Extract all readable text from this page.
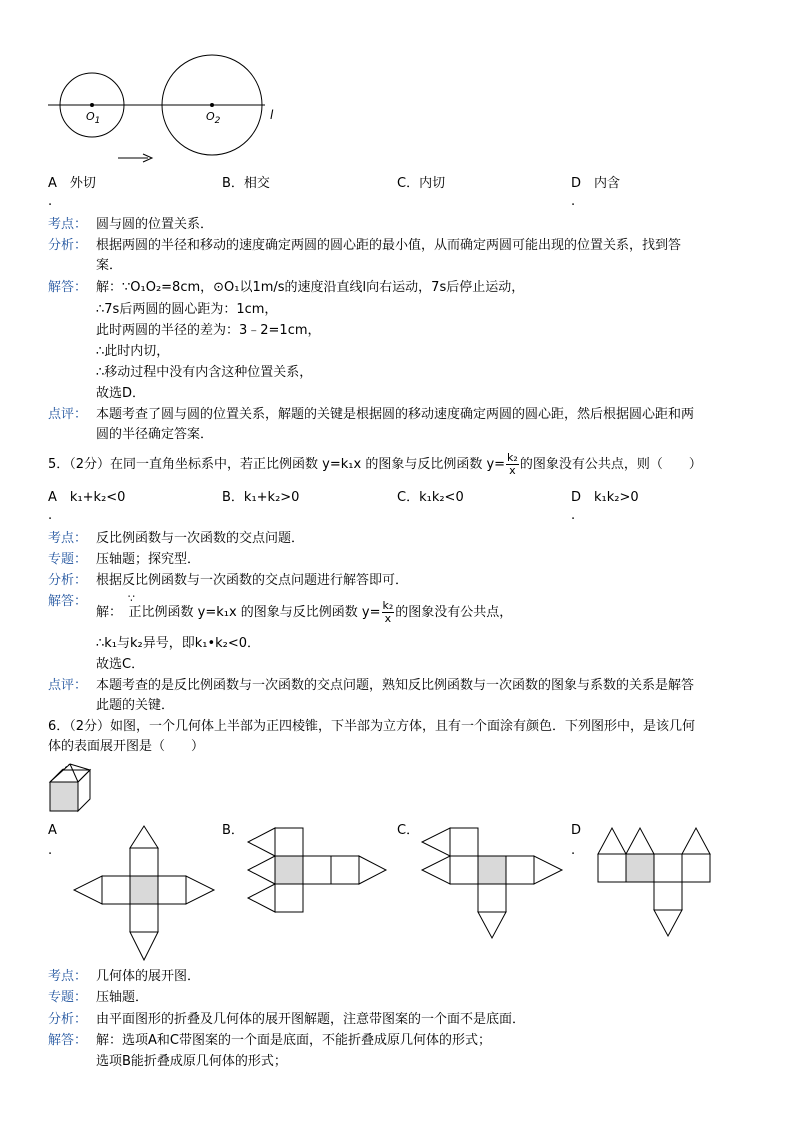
$O_1$	$O_2$	l
A　 外切
.
B．相交	C．内切	D　 内含
.
考点： 圆与圆的位置关系．
分析： 根据两圆的半径和移动的速度确定两圆的圆心距的最小值，从而确定两圆可能出现的位置关系，找到答
案．
解答： 解：∵O₁O₂=8cm，⊙O₁以1m/s的速度沿直线l向右运动，7s后停止运动，
∴7s后两圆的圆心距为：1cm，
此时两圆的半径的差为：3﹣2=1cm，
∴此时内切，
∴移动过程中没有内含这种位置关系，
故选D．
点评： 本题考查了圆与圆的位置关系，解题的关键是根据圆的移动速度确定两圆的圆心距，然后根据圆心距和两
圆的半径确定答案．
5．（2分）在同一直角坐标系中，若正比例函数 y=k₁x 的图象与反比例函数 $y= \frac{\text{k₂}}{x}$ 的图象没有公共点，则（　　）
A　 k₁+k₂<0
.
B．k₁+k₂>0	C．k₁k₂<0	D　 k₁k₂>0
.
考点： 反比例函数与一次函数的交点问题．
专题： 压轴题；探究型．
分析： 根据反比例函数与一次函数的交点问题进行解答即可．
解答：	∵
解：　正比例函数 y=k₁x 的图象与反比例函数 $y= \frac{\text{k₂}}{x}$ 的图象没有公共点，
∴k₁与k₂异号，即k₁•k₂<0．
故选C．
点评： 本题考查的是反比例函数与一次函数的交点问题，熟知反比例函数与一次函数的图象与系数的关系是解答
此题的关键．
6．（2分）如图，一个几何体上半部为正四棱锥，下半部为立方体，且有一个面涂有颜色．下列图形中，是该几何
体的表面展开图是（　　）
A
.
B．	C．	D
.
考点： 几何体的展开图．
专题： 压轴题．
分析： 由平面图形的折叠及几何体的展开图解题，注意带图案的一个面不是底面．
解答： 解：选项A和C带图案的一个面是底面，不能折叠成原几何体的形式；
选项B能折叠成原几何体的形式；
